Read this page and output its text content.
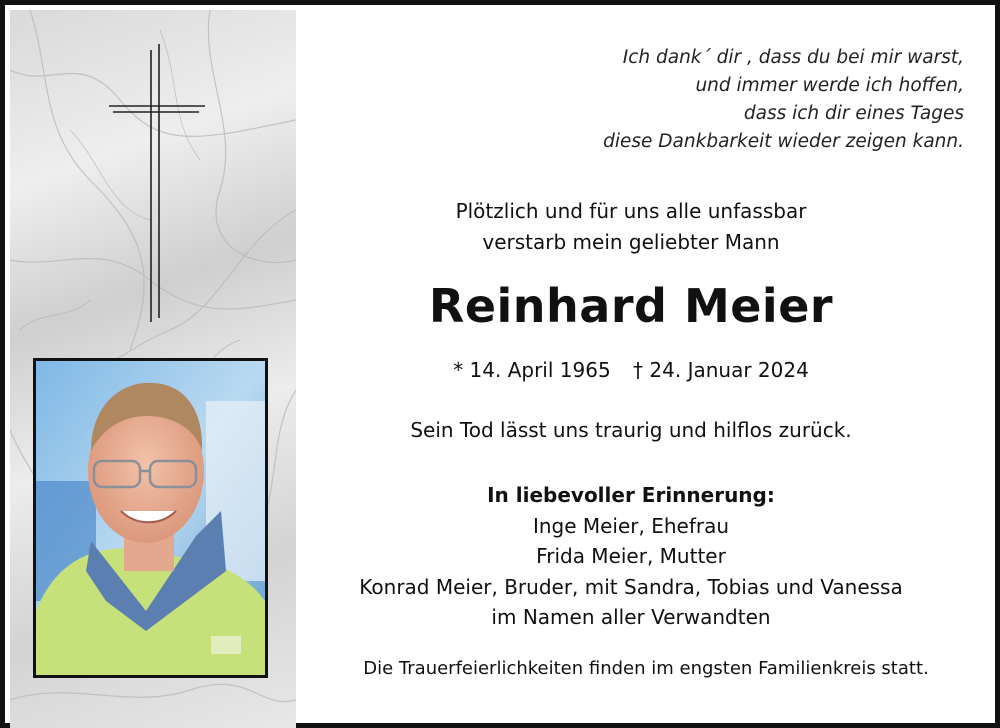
Ich dank´ dir , dass du bei mir warst,
und immer werde ich hoffen,
dass ich dir eines Tages
diese Dankbarkeit wieder zeigen kann.
Plötzlich und für uns alle unfassbar
verstarb mein geliebter Mann
Reinhard Meier
* 14. April 1965 † 24. Januar 2024
Sein Tod lässt uns traurig und hilflos zurück.
In liebevoller Erinnerung:
Inge Meier, Ehefrau
Frida Meier, Mutter
Konrad Meier, Bruder, mit Sandra, Tobias und Vanessa
im Namen aller Verwandten
Die Trauerfeierlichkeiten finden im engsten Familienkreis statt.
